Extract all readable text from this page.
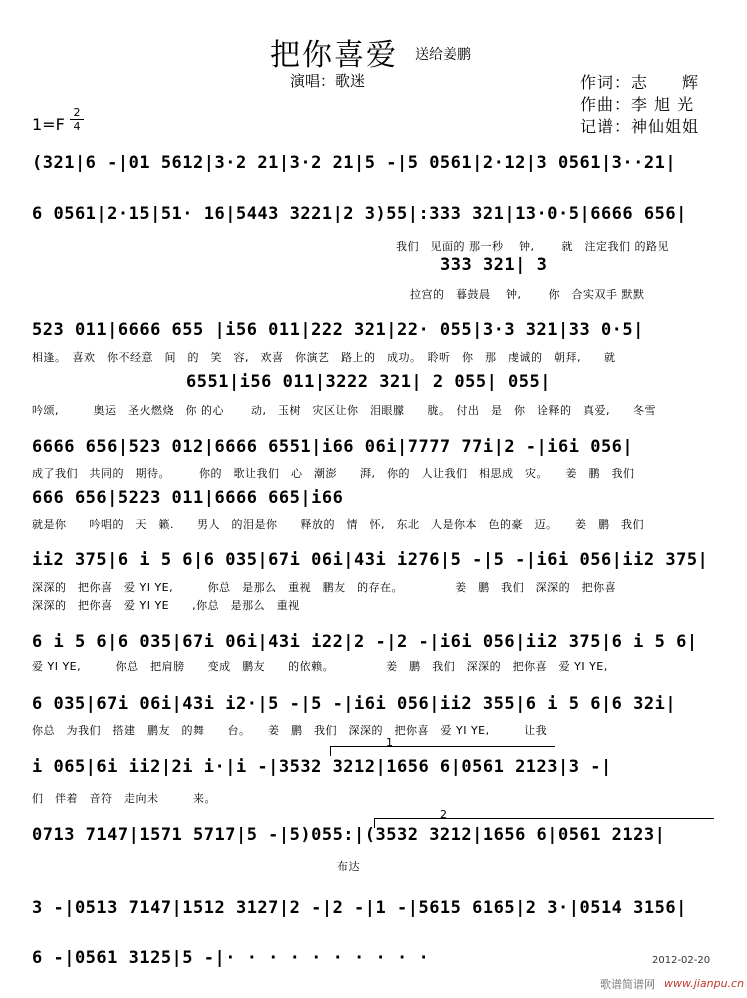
把你喜爱 送给姜鹏
演唱：歌迷	作词：志　　辉
作曲：李 旭 光
记谱：神仙姐姐
1=F
2
4
(321|6 -|01 5612|3·2 21|3·2 21|5 -|5 0561|2·12|3 0561|3··21|
6 0561|2·15|51· 16|5443 3221|2 3)55|:333 321|13·0·5|6666 656|
我们　见面的 那一秒　 钟,　　 就　注定我们 的路见
333 321| 3
拉宫的　暮鼓晨　 钟,　　 你　合实双手 默默
523 011|6666 655 |i56 011|222 321|22· 055|3·3 321|33 0·5|
相逢。　喜欢　你不经意　间　的　笑　容,　欢喜　你演艺　路上的　成功。　聆听　你　那　虔诚的　朝拜,　　就
6551|i56 011|3222 321| 2 055| 055|
吟颂,　　　奥运　圣火燃烧　你 的心　　 动,　玉树　灾区让你　泪眼朦　　胧。　付出　是　你　诠释的　真爱,　　冬雪
6666 656|523 012|6666 6551|i66 06i|7777 77i|2 -|i6i 056|
成了我们　共同的　期待。　　　你的　歌让我们　心　潮澎　　湃,　你的　人让我们　相思成　灾。　　姜　鹏　我们
666 656|5223 011|6666 665|i66
就是你　　吟唱的　天　籁.　　男人　的泪是你　　释放的　情　怀,　东北　人是你本　色的豪　迈。　　姜　鹏　我们
ii2 375|6 i 5 6|6 035|67i 06i|43i i276|5 -|5 -|i6i 056|ii2 375|
深深的　把你喜　爱 YI YE,　　　你总　是那么　重视　鹏友　的存在。　　　　　姜　鹏　我们　深深的　把你喜
深深的　把你喜　爱 YI YE　　,你总　是那么　重视
6 i 5 6|6 035|67i 06i|43i i22|2 -|2 -|i6i 056|ii2 375|6 i 5 6|
爱 YI YE,　　　你总　把肩膀　　变成　鹏友　　的依赖。　　　　　姜　鹏　我们　深深的　把你喜　爱 YI YE,
6 035|67i 06i|43i i2·|5 -|5 -|i6i 056|ii2 355|6 i 5 6|6 32i|
你总　为我们　搭建　鹏友　的舞　　台。　　姜　鹏　我们　深深的　把你喜　爱 YI YE,　　　让我
1
i 065|6i ii2|2i i·|i -|3532 3212|1656 6|0561 2123|3 -|
们　伴着　音符　走向未　　　来。
2
0713 7147|1571 5717|5 -|5)055:|(3532 3212|1656 6|0561 2123|
布达
3 -|0513 7147|1512 3127|2 -|2 -|1 -|5615 6165|2 3·|0514 3156|
6 -|0561 3125|5 -|· · · · · · · · · ·	2012-02-20
歌谱简谱网 www.jianpu.cn
